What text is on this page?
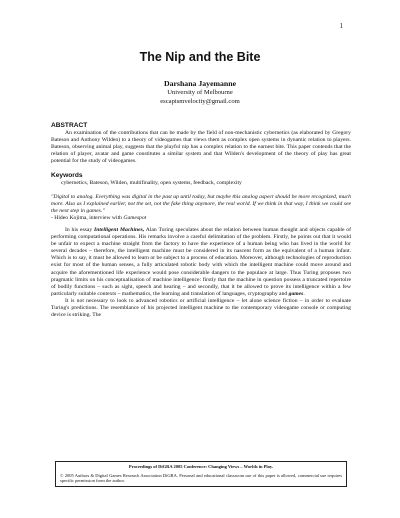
1
The Nip and the Bite
Darshana Jayemanne
University of Melbourne
escapismvelocity@gmail.com

ABSTRACT

An examination of the contributions that can be made by the field of non-mechanistic cybernetics (as elaborated by Gregory Bateson and Anthony Wilden) to a theory of videogames that views them as complex open systems in dynamic relation to players. Bateson, observing animal play, suggests that the playful nip has a complex relation to the earnest bite. This paper contends that the relation of player, avatar and game constitutes a similar system and that Wilden's development of the theory of play has great potential for the study of videogames.

Keywords

cybernetics, Bateson, Wilden, multifinality, open systems, feedback, complexity

"Digital to analog. Everything was digital in the past up until today, but maybe this analog aspect should be more recognized, much more. Also as I explained earlier, not the set, not the fake thing anymore, the real world. If we think in that way, I think we could see the next step in games."

- Hideo Kojima, interview with Gamespot

In his essay Intelligent Machines, Alan Turing speculates about the relation between human thought and objects capable of performing computational operations. His remarks involve a careful delimitation of the problem. Firstly, he points out that it would be unfair to expect a machine straight from the factory to have the experience of a human being who has lived in the world for several decades – therefore, the intelligent machine must be considered in its nascent form as the equivalent of a human infant. Which is to say, it must be allowed to learn or be subject to a process of education. Moreover, although technologies of reproduction exist for most of the human senses, a fully articulated robotic body with which the intelligent machine could move around and acquire the aforementioned life experience would pose considerable dangers to the populace at large. Thus Turing proposes two pragmatic limits on his conceptualisation of machine intelligence: firstly that the machine in question possess a truncated repertoire of bodily functions – such as sight, speech and hearing – and secondly, that it be allowed to prove its intelligence within a few particularly suitable contexts – mathematics, the learning and translation of languages, cryptography and games.

It is not necessary to look to advanced robotics or artificial intelligence – let alone science fiction – in order to evaluate Turing's predictions. The resemblance of his projected intelligent machine to the contemporary videogame console or computing device is striking. The

Proceedings of DiGRA 2005 Conference: Changing Views – Worlds in Play.
© 2005 Authors & Digital Games Research Association DiGRA. Personal and educational classroom use of this paper is allowed, commercial use requires specific permission from the author.
